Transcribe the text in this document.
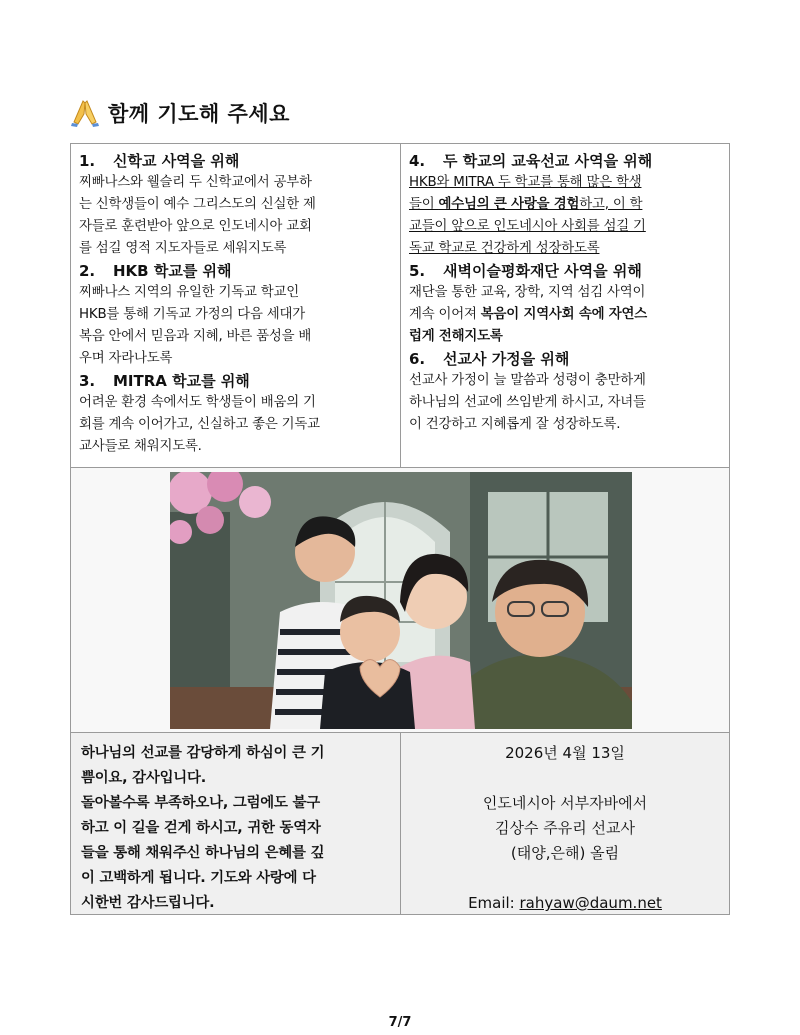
함께 기도해 주세요

1. 신학교 사역을 위해

찌빠나스와 웰슬리 두 신학교에서 공부하
는 신학생들이 예수 그리스도의 신실한 제
자들로 훈련받아 앞으로 인도네시아 교회
를 섬길 영적 지도자들로 세워지도록

2. HKB 학교를 위해

찌빠나스 지역의 유일한 기독교 학교인
HKB를 통해 기독교 가정의 다음 세대가
복음 안에서 믿음과 지혜, 바른 품성을 배
우며 자라나도록

3. MITRA 학교를 위해

어려운 환경 속에서도 학생들이 배움의 기
회를 계속 이어가고, 신실하고 좋은 기독교
교사들로 채워지도록.

4. 두 학교의 교육선교 사역을 위해

HKB와 MITRA 두 학교를 통해 많은 학생
들이 예수님의 큰 사랑을 경험하고, 이 학
교들이 앞으로 인도네시아 사회를 섬길 기
독교 학교로 건강하게 성장하도록

5. 새벽이슬평화재단 사역을 위해

재단을 통한 교육, 장학, 지역 섬김 사역이
계속 이어져 복음이 지역사회 속에 자연스
럽게 전해지도록

6. 선교사 가정을 위해

선교사 가정이 늘 말씀과 성령이 충만하게
하나님의 선교에 쓰임받게 하시고, 자녀들
이 건강하고 지혜롭게 잘 성장하도록.

하나님의 선교를 감당하게 하심이 큰 기
쁨이요, 감사입니다.
돌아볼수록 부족하오나, 그럼에도 불구
하고 이 길을 걷게 하시고, 귀한 동역자
들을 통해 채워주신 하나님의 은혜를 깊
이 고백하게 됩니다. 기도와 사랑에 다
시한번 감사드립니다.
2026년 4월 13일
인도네시아 서부자바에서
김상수 주유리 선교사
(태양,은해) 올림
Email: rahyaw@daum.net
7/7
